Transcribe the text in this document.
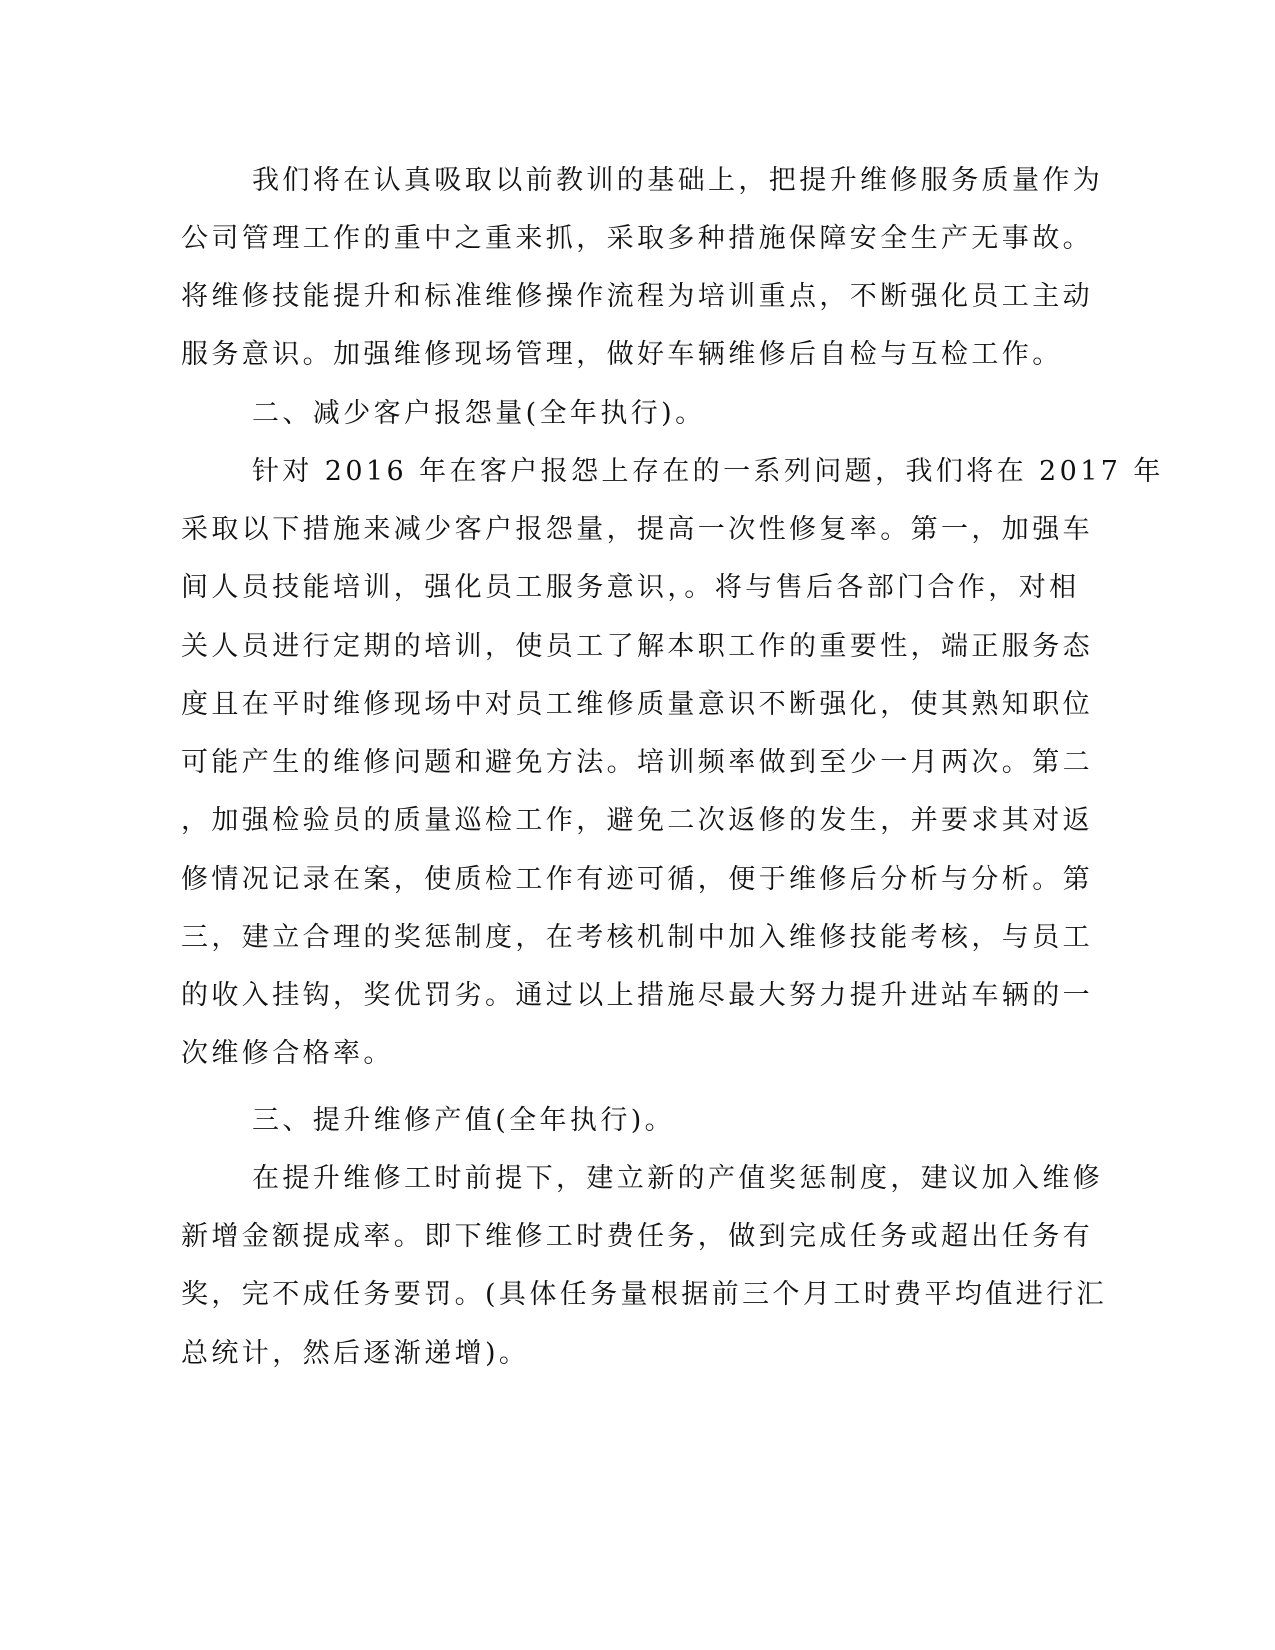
我们将在认真吸取以前教训的基础上，把提升维修服务质量作为
公司管理工作的重中之重来抓，采取多种措施保障安全生产无事故。
将维修技能提升和标准维修操作流程为培训重点，不断强化员工主动
服务意识。加强维修现场管理，做好车辆维修后自检与互检工作。
二、减少客户报怨量(全年执行)。
针对 2016 年在客户报怨上存在的一系列问题，我们将在 2017 年
采取以下措施来减少客户报怨量，提高一次性修复率。第一，加强车
间人员技能培训，强化员工服务意识，。将与售后各部门合作，对相
关人员进行定期的培训，使员工了解本职工作的重要性，端正服务态
度且在平时维修现场中对员工维修质量意识不断强化，使其熟知职位
可能产生的维修问题和避免方法。培训频率做到至少一月两次。第二
，加强检验员的质量巡检工作，避免二次返修的发生，并要求其对返
修情况记录在案，使质检工作有迹可循，便于维修后分析与分析。第
三，建立合理的奖惩制度，在考核机制中加入维修技能考核，与员工
的收入挂钩，奖优罚劣。通过以上措施尽最大努力提升进站车辆的一
次维修合格率。
三、提升维修产值(全年执行)。
在提升维修工时前提下，建立新的产值奖惩制度，建议加入维修
新增金额提成率。即下维修工时费任务，做到完成任务或超出任务有
奖，完不成任务要罚。(具体任务量根据前三个月工时费平均值进行汇
总统计，然后逐渐递增)。
